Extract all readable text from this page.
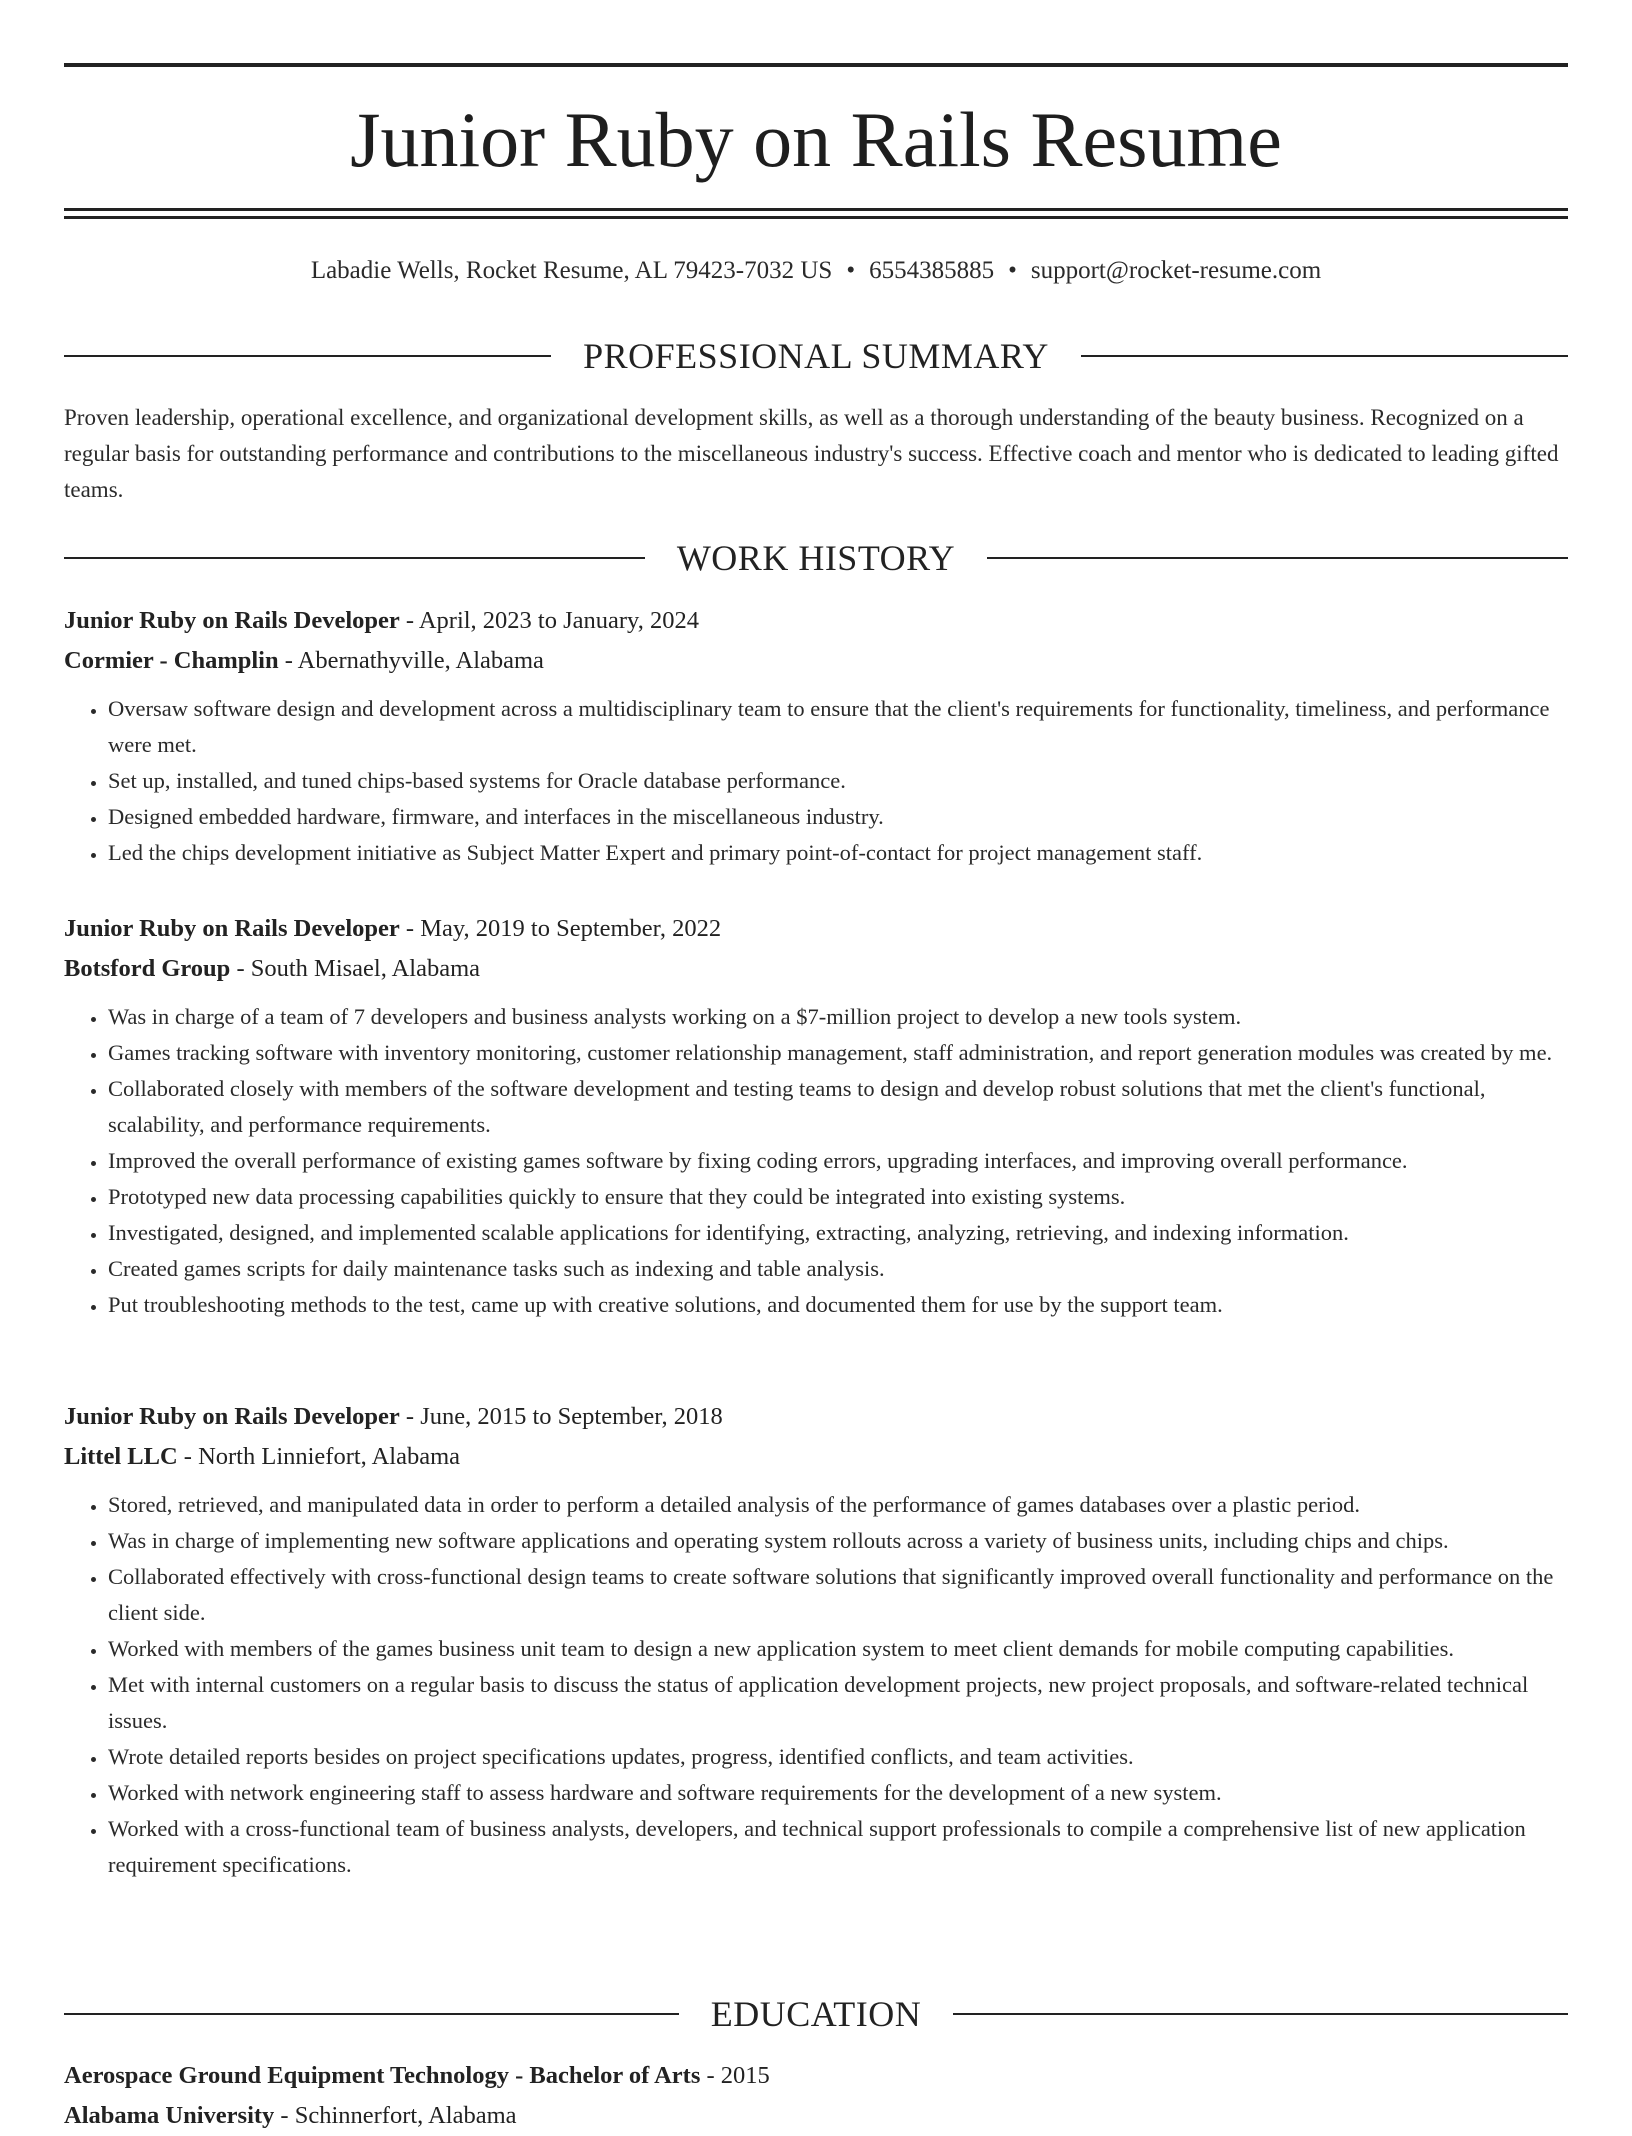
Junior Ruby on Rails Resume
Labadie Wells, Rocket Resume, AL 79423-7032 US • 6554385885 • support@rocket-resume.com
PROFESSIONAL SUMMARY

Proven leadership, operational excellence, and organizational development skills, as well as a thorough understanding of the beauty business. Recognized on a regular basis for outstanding performance and contributions to the miscellaneous industry's success. Effective coach and mentor who is dedicated to leading gifted teams.

WORK HISTORY
Junior Ruby on Rails Developer - April, 2023 to January, 2024
Cormier - Champlin - Abernathyville, Alabama
• Oversaw software design and development across a multidisciplinary team to ensure that the client's requirements for functionality, timeliness, and performance were met.
• Set up, installed, and tuned chips-based systems for Oracle database performance.
• Designed embedded hardware, firmware, and interfaces in the miscellaneous industry.
• Led the chips development initiative as Subject Matter Expert and primary point-of-contact for project management staff.
Junior Ruby on Rails Developer - May, 2019 to September, 2022
Botsford Group - South Misael, Alabama
• Was in charge of a team of 7 developers and business analysts working on a $7-million project to develop a new tools system.
• Games tracking software with inventory monitoring, customer relationship management, staff administration, and report generation modules was created by me.
• Collaborated closely with members of the software development and testing teams to design and develop robust solutions that met the client's functional, scalability, and performance requirements.
• Improved the overall performance of existing games software by fixing coding errors, upgrading interfaces, and improving overall performance.
• Prototyped new data processing capabilities quickly to ensure that they could be integrated into existing systems.
• Investigated, designed, and implemented scalable applications for identifying, extracting, analyzing, retrieving, and indexing information.
• Created games scripts for daily maintenance tasks such as indexing and table analysis.
• Put troubleshooting methods to the test, came up with creative solutions, and documented them for use by the support team.
Junior Ruby on Rails Developer - June, 2015 to September, 2018
Littel LLC - North Linniefort, Alabama
• Stored, retrieved, and manipulated data in order to perform a detailed analysis of the performance of games databases over a plastic period.
• Was in charge of implementing new software applications and operating system rollouts across a variety of business units, including chips and chips.
• Collaborated effectively with cross-functional design teams to create software solutions that significantly improved overall functionality and performance on the client side.
• Worked with members of the games business unit team to design a new application system to meet client demands for mobile computing capabilities.
• Met with internal customers on a regular basis to discuss the status of application development projects, new project proposals, and software-related technical issues.
• Wrote detailed reports besides on project specifications updates, progress, identified conflicts, and team activities.
• Worked with network engineering staff to assess hardware and software requirements for the development of a new system.
• Worked with a cross-functional team of business analysts, developers, and technical support professionals to compile a comprehensive list of new application requirement specifications.
EDUCATION
Aerospace Ground Equipment Technology - Bachelor of Arts - 2015
Alabama University - Schinnerfort, Alabama
